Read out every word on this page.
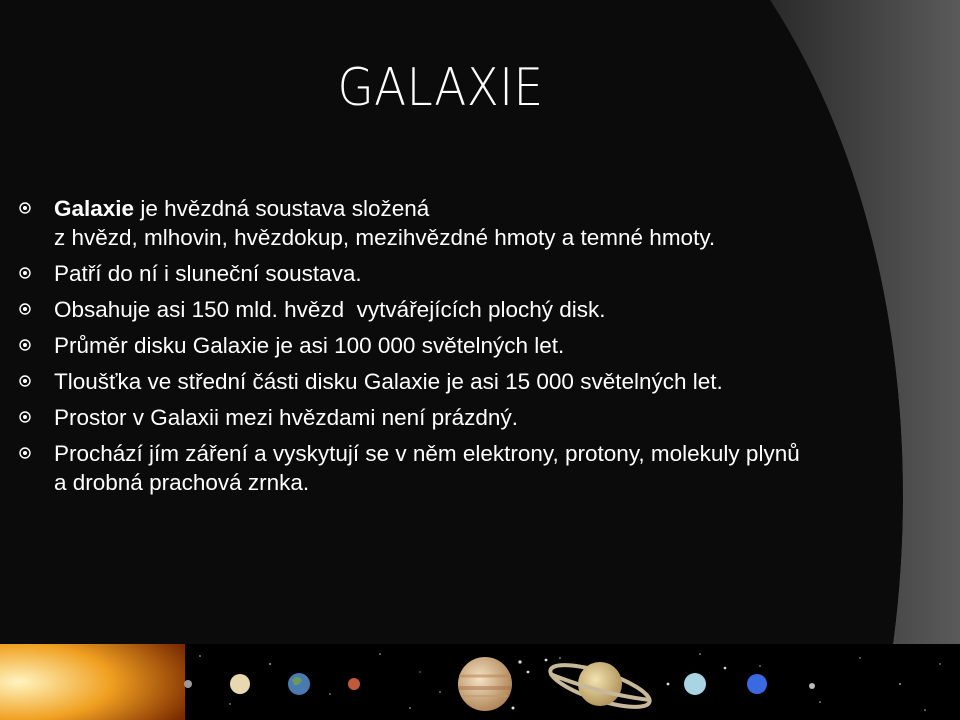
GALAXIE
Galaxie je hvězdná soustava složená
z hvězd, mlhovin, hvězdokup, mezihvězdné hmoty a temné hmoty.
Patří do ní i sluneční soustava.
Obsahuje asi 150 mld. hvězd  vytvářejících plochý disk.
Průměr disku Galaxie je asi 100 000 světelných let.
Tloušťka ve střední části disku Galaxie je asi 15 000 světelných let.
Prostor v Galaxii mezi hvězdami není prázdný.
Prochází jím záření a vyskytují se v něm elektrony, protony, molekuly plynů
a drobná prachová zrnka.
